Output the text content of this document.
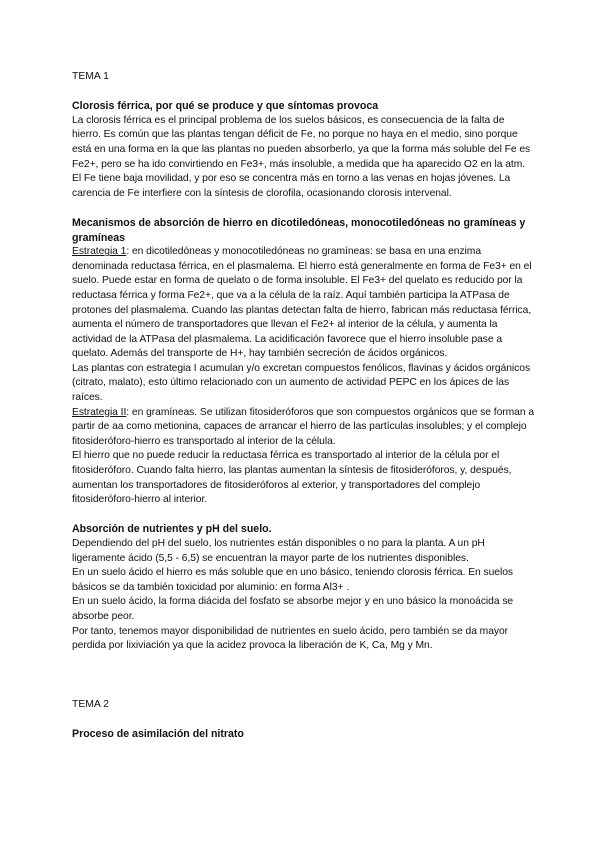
TEMA 1

Clorosis férrica, por qué se produce y que síntomas provoca

La clorosis férrica es el principal problema de los suelos básicos, es consecuencia de la falta de hierro. Es común que las plantas tengan déficit de Fe, no porque no haya en el medio, sino porque está en una forma en la que las plantas no pueden absorberlo, ya que la forma más soluble del Fe es Fe2+, pero se ha ido convirtiendo en Fe3+, más insoluble, a medida que ha aparecido O2 en la atm.

El Fe tiene baja movilidad, y por eso se concentra más en torno a las venas en hojas jóvenes. La carencia de Fe interfiere con la síntesis de clorofila, ocasionando clorosis intervenal.

Mecanismos de absorción de hierro en dicotiledóneas, monocotiledóneas no gramíneas y gramíneas

Estrategia 1: en dicotiledóneas y monocotiledóneas no gramíneas: se basa en una enzima denominada reductasa férrica, en el plasmalema. El hierro está generalmente en forma de Fe3+ en el suelo. Puede estar en forma de quelato o de forma insoluble. El Fe3+ del quelato es reducido por la reductasa férrica y forma Fe2+, que va a la célula de la raíz. Aquí también participa la ATPasa de protones del plasmalema. Cuando las plantas detectan falta de hierro, fabrican más reductasa férrica, aumenta el número de transportadores que llevan el Fe2+ al interior de la célula, y aumenta la actividad de la ATPasa del plasmalema. La acidificación favorece que el hierro insoluble pase a quelato. Además del transporte de H+, hay también secreción de ácidos orgánicos.

Las plantas con estrategia I acumulan y/o excretan compuestos fenólicos, flavinas y ácidos orgánicos (citrato, malato), esto último relacionado con un aumento de actividad PEPC en los ápices de las raíces.

Estrategia II: en gramíneas. Se utilizan fitosideróforos que son compuestos orgánicos que se forman a partir de aa como metionina, capaces de arrancar el hierro de las partículas insolubles; y el complejo fitosideróforo-hierro es transportado al interior de la célula.

El hierro que no puede reducir la reductasa férrica es transportado al interior de la célula por el fitosideróforo. Cuando falta hierro, las plantas aumentan la síntesis de fitosideróforos, y, después, aumentan los transportadores de fitosideróforos al exterior, y transportadores del complejo fitosideróforo-hierro al interior.

Absorción de nutrientes y pH del suelo.

Dependiendo del pH del suelo, los nutrientes están disponibles o no para la planta. A un pH ligeramente ácido (5,5 - 6,5) se encuentran la mayor parte de los nutrientes disponibles.

En un suelo ácido el hierro es más soluble que en uno básico, teniendo clorosis férrica. En suelos básicos se da también toxicidad por aluminio: en forma Al3+ .

En un suelo ácido, la forma diácida del fosfato se absorbe mejor y en uno básico la monoácida se absorbe peor.

Por tanto, tenemos mayor disponibilidad de nutrientes en suelo ácido, pero también se da mayor perdida por lixiviación ya que la acidez provoca la liberación de K, Ca, Mg y Mn.

TEMA 2

Proceso de asimilación del nitrato
